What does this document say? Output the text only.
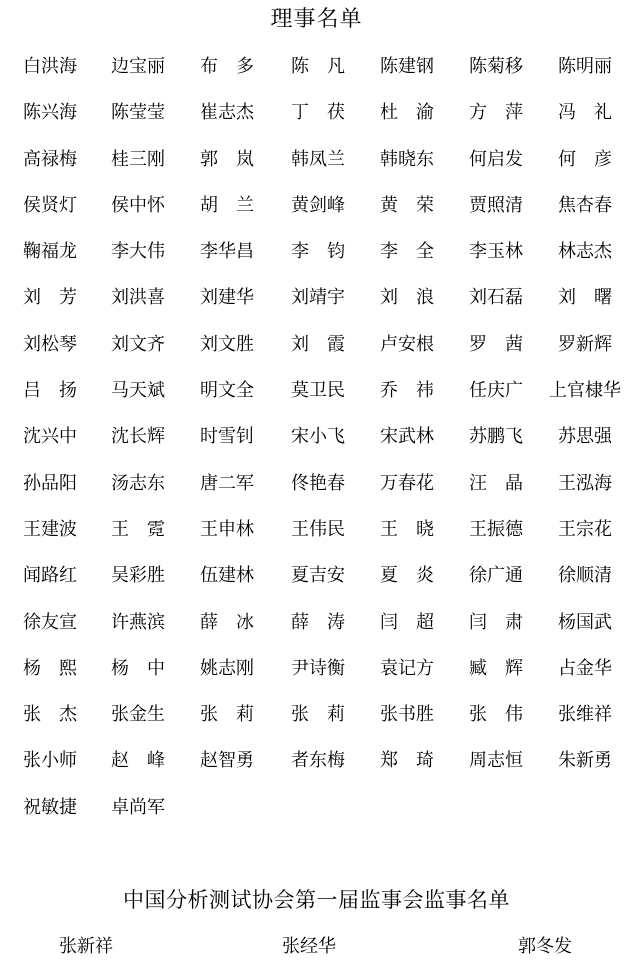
理事名单
白洪海 边宝丽 布　多 陈　凡 陈建钢 陈菊移 陈明丽
陈兴海 陈莹莹 崔志杰 丁　茯 杜　渝 方　萍 冯　礼
高禄梅 桂三刚 郭　岚 韩凤兰 韩晓东 何启发 何　彦
侯贤灯 侯中怀 胡　兰 黄剑峰 黄　荣 贾照清 焦杏春
鞠福龙 李大伟 李华昌 李　钧 李　全 李玉林 林志杰
刘　芳 刘洪喜 刘建华 刘靖宇 刘　浪 刘石磊 刘　曙
刘松琴 刘文齐 刘文胜 刘　霞 卢安根 罗　茜 罗新辉
吕　扬 马天斌 明文全 莫卫民 乔　祎 任庆广 上官棣华
沈兴中 沈长辉 时雪钊 宋小飞 宋武林 苏鹏飞 苏思强
孙品阳 汤志东 唐二军 佟艳春 万春花 汪　晶 王泓海
王建波 王　霓 王申林 王伟民 王　晓 王振德 王宗花
闻路红 吴彩胜 伍建林 夏吉安 夏　炎 徐广通 徐顺清
徐友宣 许燕滨 薛　冰 薛　涛 闫　超 闫　肃 杨国武
杨　熙 杨　中 姚志刚 尹诗衡 袁记方 臧　辉 占金华
张　杰 张金生 张　莉 张　莉 张书胜 张　伟 张维祥
张小师 赵　峰 赵智勇 者东梅 郑　琦 周志恒 朱新勇
祝敏捷 卓尚军
中国分析测试协会第一届监事会监事名单
张新祥	张经华	郭冬发
